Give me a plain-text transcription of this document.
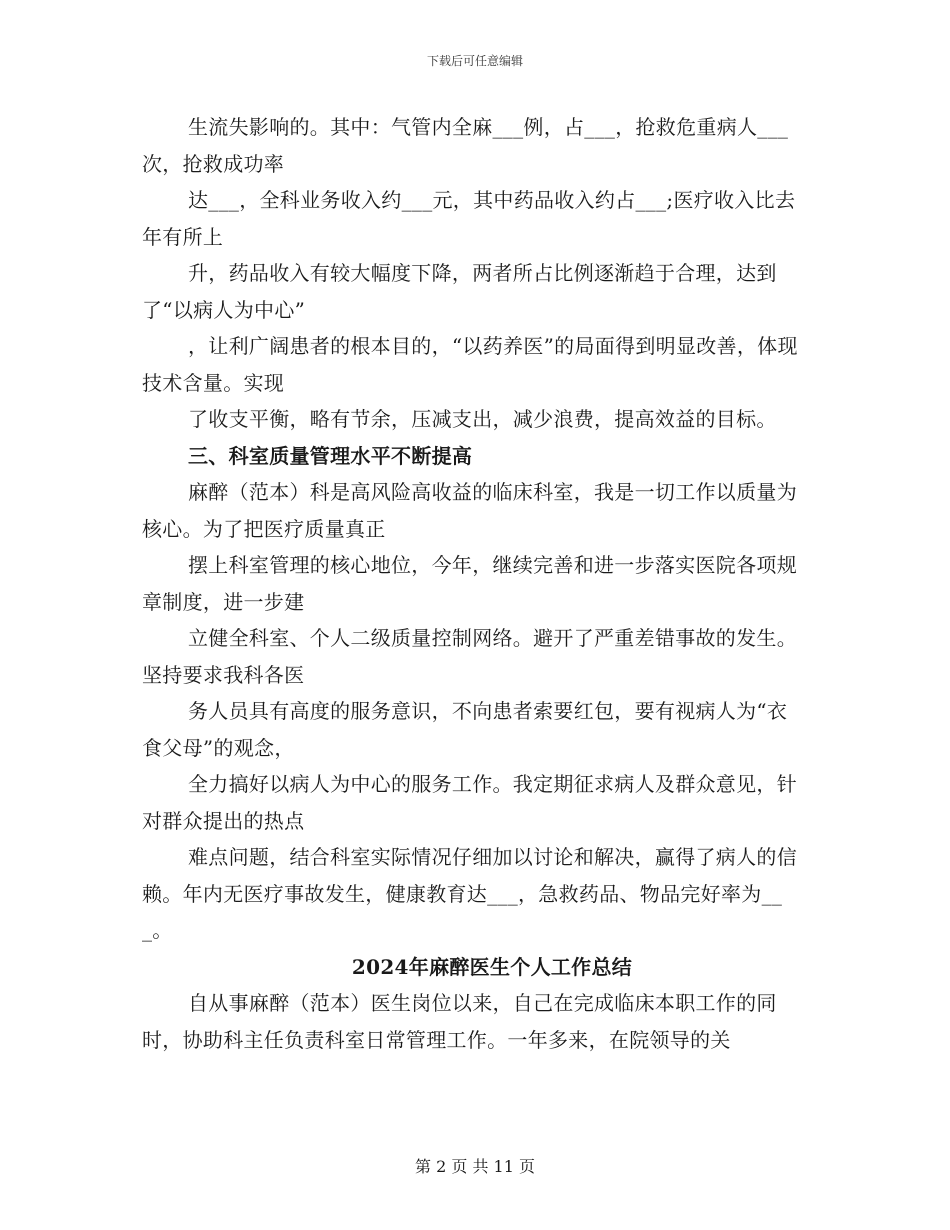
下载后可任意编辑

生流失影响的。其中：气管内全麻___例，占___，抢救危重病人___次，抢救成功率

达___，全科业务收入约___元，其中药品收入约占___;医疗收入比去年有所上

升，药品收入有较大幅度下降，两者所占比例逐渐趋于合理，达到了“以病人为中心”

，让利广阔患者的根本目的，“以药养医”的局面得到明显改善，体现技术含量。实现

了收支平衡，略有节余，压减支出，减少浪费，提高效益的目标。

三、科室质量管理水平不断提高

麻醉（范本）科是高风险高收益的临床科室，我是一切工作以质量为核心。为了把医疗质量真正

摆上科室管理的核心地位，今年，继续完善和进一步落实医院各项规章制度，进一步建

立健全科室、个人二级质量控制网络。避开了严重差错事故的发生。坚持要求我科各医

务人员具有高度的服务意识，不向患者索要红包，要有视病人为“衣食父母”的观念，

全力搞好以病人为中心的服务工作。我定期征求病人及群众意见，针对群众提出的热点

难点问题，结合科室实际情况仔细加以讨论和解决，赢得了病人的信赖。年内无医疗事故发生，健康教育达___，急救药品、物品完好率为___。

2024年麻醉医生个人工作总结

自从事麻醉（范本）医生岗位以来，自己在完成临床本职工作的同时，协助科主任负责科室日常管理工作。一年多来，在院领导的关

第 2 页 共 11 页
